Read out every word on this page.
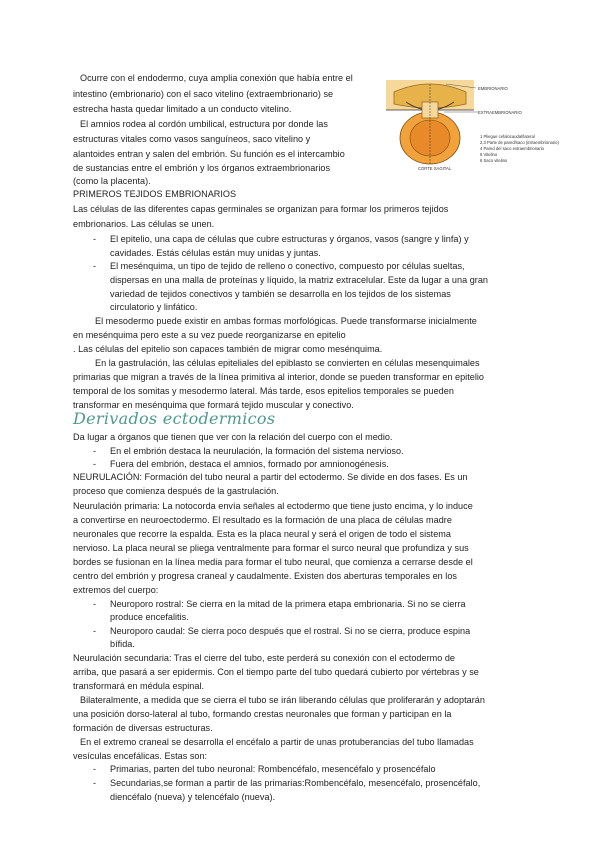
Ocurre con el endodermo, cuya amplia conexión que había entre el
intestino (embrionario) con el saco vitelino (extraembrionario) se
estrecha hasta quedar limitado a un conducto vitelino.
El amnios rodea al cordón umbilical, estructura por donde las
estructuras vitales como vasos sanguíneos, saco vitelino y
alantoides entran y salen del embrión. Su función es el intercambio
de sustancias entre el embrión y los órganos extraembrionarios
(como la placenta).
EMBRIONARIO
EXTRAEMBRIONARIO
CORTE SAGITAL
1 Pliegue cefalocaudal/lateral
2,3 Parte de pared/saco (intraembrionario)
4 Pared del saco extraembrionario
5 Vitelino
6 Saco vitelino
PRIMEROS TEJIDOS EMBRIONARIOS
Las células de las diferentes capas germinales se organizan para formar los primeros tejidos
embrionarios. Las células se unen.
- El epitelio, una capa de células que cubre estructuras y órganos, vasos (sangre y linfa) y
cavidades. Estás células están muy unidas y juntas.
- El mesénquima, un tipo de tejido de relleno o conectivo, compuesto por células sueltas,
dispersas en una malla de proteínas y líquido, la matriz extracelular. Este da lugar a una gran
variedad de tejidos conectivos y también se desarrolla en los tejidos de los sistemas
circulatorio y linfático.
El mesodermo puede existir en ambas formas morfológicas. Puede transformarse inicialmente
en mesénquima pero este a su vez puede reorganizarse en epitelio
. Las células del epitelio son capaces también de migrar como mesénquima.
En la gastrulación, las células epiteliales del epiblasto se convierten en células mesenquimales
primarias que migran a través de la línea primitiva al interior, donde se pueden transformar en epitelio
temporal de los somitas y mesodermo lateral. Más tarde, esos epitelios temporales se pueden
transformar en mesénquima que formará tejido muscular y conectivo.
Derivados ectodermicos
Da lugar a órganos que tienen que ver con la relación del cuerpo con el medio.
- En el embrión destaca la neurulación, la formación del sistema nervioso.
- Fuera del embrión, destaca el amnios, formado por amnionogénesis.
NEURULACIÓN: Formación del tubo neural a partir del ectodermo. Se divide en dos fases. Es un
proceso que comienza después de la gastrulación.
Neurulación primaria: La notocorda envía señales al ectodermo que tiene justo encima, y lo induce
a convertirse en neuroectodermo. El resultado es la formación de una placa de células madre
neuronales que recorre la espalda. Esta es la placa neural y será el origen de todo el sistema
nervioso. La placa neural se pliega ventralmente para formar el surco neural que profundiza y sus
bordes se fusionan en la línea media para formar el tubo neural, que comienza a cerrarse desde el
centro del embrión y progresa craneal y caudalmente. Existen dos aberturas temporales en los
extremos del cuerpo:
- Neuroporo rostral: Se cierra en la mitad de la primera etapa embrionaria. Si no se cierra
produce encefalitis.
- Neuroporo caudal: Se cierra poco después que el rostral. Si no se cierra, produce espina
bífida.
Neurulación secundaria: Tras el cierre del tubo, este perderá su conexión con el ectodermo de
arriba, que pasará a ser epidermis. Con el tiempo parte del tubo quedará cubierto por vértebras y se
transformará en médula espinal.
Bilateralmente, a medida que se cierra el tubo se irán liberando células que proliferarán y adoptarán
una posición dorso-lateral al tubo, formando crestas neuronales que forman y participan en la
formación de diversas estructuras.
En el extremo craneal se desarrolla el encéfalo a partir de unas protuberancias del tubo llamadas
vesículas encefálicas. Estas son:
- Primarias, parten del tubo neuronal: Rombencéfalo, mesencéfalo y prosencéfalo
- Secundarias,se forman a partir de las primarias:Rombencéfalo, mesencéfalo, prosencéfalo,
diencéfalo (nueva) y telencéfalo (nueva).
